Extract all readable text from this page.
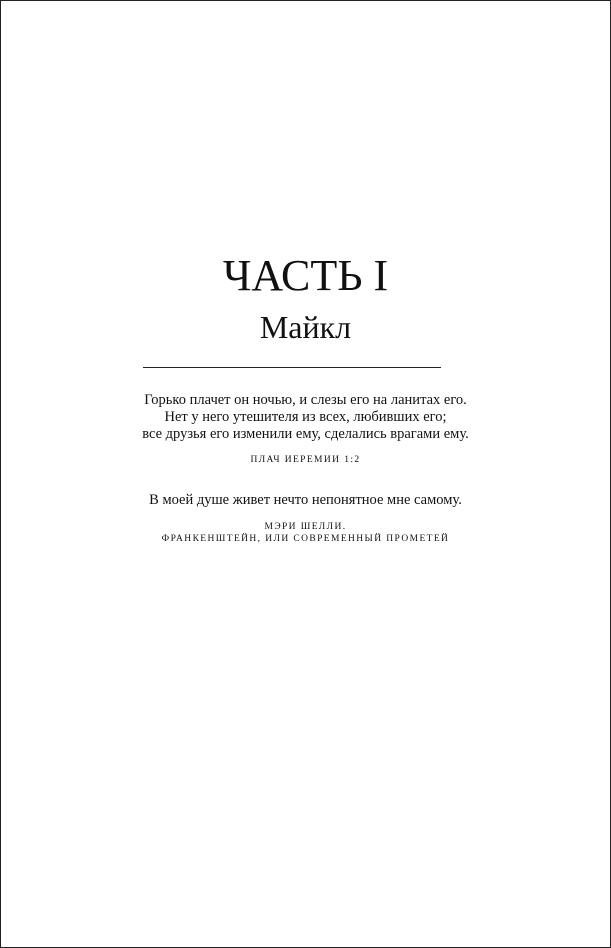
ЧАСТЬ I
Майкл
Горько плачет он ночью, и слезы его на ланитах его.
Нет у него утешителя из всех, любивших его;
все друзья его изменили ему, сделались врагами ему.
ПЛАЧ ИЕРЕМИИ 1:2
В моей душе живет нечто непонятное мне самому.
МЭРИ ШЕЛЛИ.
ФРАНКЕНШТЕЙН, ИЛИ СОВРЕМЕННЫЙ ПРОМЕТЕЙ
